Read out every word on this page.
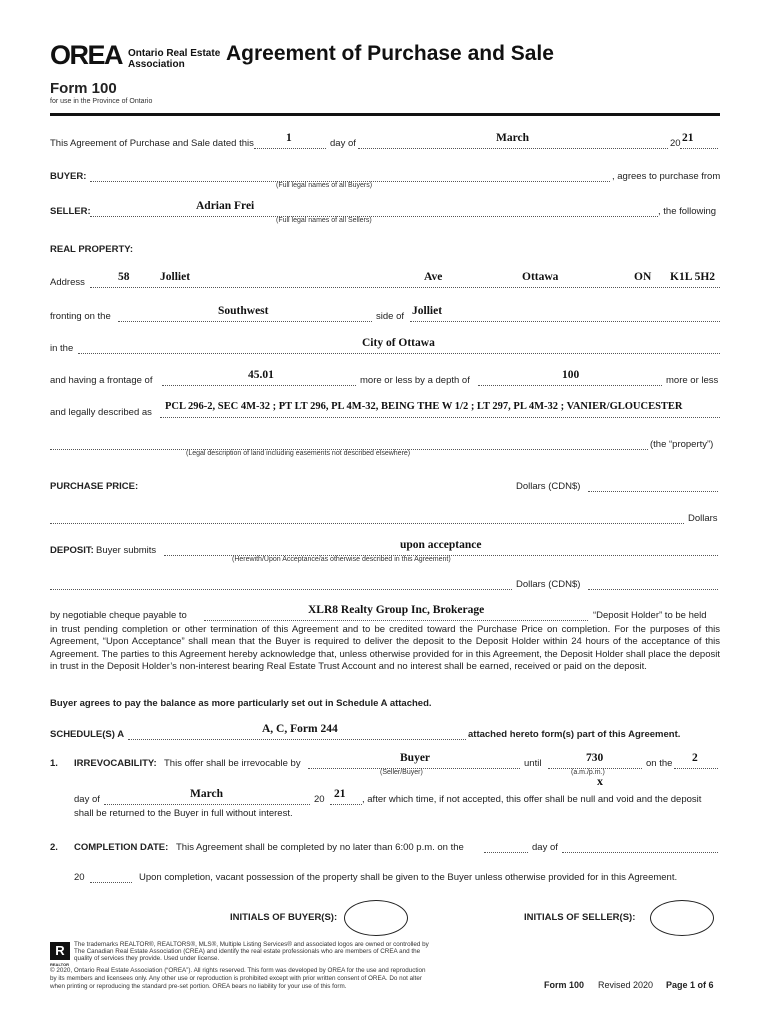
OREA Ontario Real Estate
Association Agreement of Purchase and Sale
Form 100
for use in the Province of Ontario
This Agreement of Purchase and Sale dated this	1	day of	March	20 21
BUYER:	, agrees to purchase from
(Full legal names of all Buyers)
SELLER:	Adrian Frei	, the following
(Full legal names of all Sellers)
REAL PROPERTY:
Address	58	Jolliet	Ave	Ottawa	ON K1L 5H2
fronting on the	Southwest	side of Jolliet
in the	City of Ottawa
and having a frontage of	45.01	more or less by a depth of	100	more or less
and legally described as
PCL 296-2, SEC 4M-32 ; PT LT 296, PL 4M-32, BEING THE W 1/2 ; LT 297, PL 4M-32 ; VANIER/GLOUCESTER
(the “property”)
(Legal description of land including easements not described elsewhere)
PURCHASE PRICE:	Dollars (CDN$)
Dollars
DEPOSIT: Buyer submits	upon acceptance
(Herewith/Upon Acceptance/as otherwise described in this Agreement)
Dollars (CDN$)
by negotiable cheque payable to	XLR8 Realty Group Inc, Brokerage	“Deposit Holder” to be held
in trust pending completion or other termination of this Agreement and to be credited toward the Purchase Price on completion. For the purposes of this Agreement, “Upon Acceptance” shall mean that the Buyer is required to deliver the deposit to the Deposit Holder within 24 hours of the acceptance of this Agreement. The parties to this Agreement hereby acknowledge that, unless otherwise provided for in this Agreement, the Deposit Holder shall place the deposit in trust in the Deposit Holder’s non-interest bearing Real Estate Trust Account and no interest shall be earned, received or paid on the deposit.
Buyer agrees to pay the balance as more particularly set out in Schedule A attached.
SCHEDULE(S) A	A, C, Form 244	attached hereto form(s) part of this Agreement.
1. IRREVOCABILITY: This offer shall be irrevocable by	Buyer
(Seller/Buyer)
until	730
(a.m./p.m.)
x
on the 2
day of	March	20 21 , after which time, if not accepted, this offer shall be null and void and the deposit
shall be returned to the Buyer in full without interest.
2. COMPLETION DATE: This Agreement shall be completed by no later than 6:00 p.m. on the	day of
20	Upon completion, vacant possession of the property shall be given to the Buyer unless otherwise provided for in this Agreement.
INITIALS OF BUYER(S):	INITIALS OF SELLER(S):
R
REALTOR
The trademarks REALTOR®, REALTORS®, MLS®, Multiple Listing Services® and associated logos are owned or controlled by
The Canadian Real Estate Association (CREA) and identify the real estate professionals who are members of CREA and the
quality of services they provide. Used under license.
© 2020, Ontario Real Estate Association (“OREA”). All rights reserved. This form was developed by OREA for the use and reproduction
by its members and licensees only. Any other use or reproduction is prohibited except with prior written consent of OREA. Do not alter
when printing or reproducing the standard pre-set portion. OREA bears no liability for your use of this form.	Form 100 Revised 2020 Page 1 of 6
